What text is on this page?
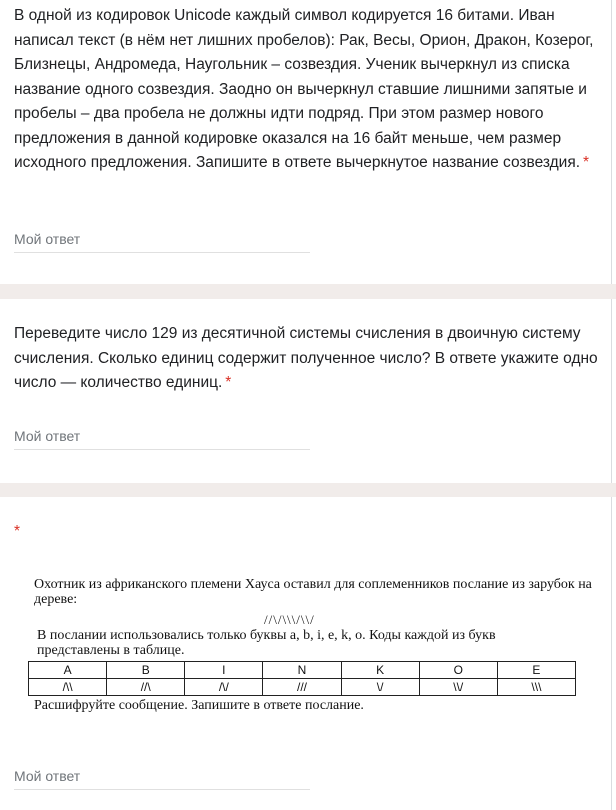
В одной из кодировок Unicode каждый символ кодируется 16 битами. Иван написал текст (в нём нет лишних пробелов): Рак, Весы, Орион, Дракон, Козерог, Близнецы, Андромеда, Наугольник – созвездия. Ученик вычеркнул из списка название одного созвездия. Заодно он вычеркнул ставшие лишними запятые и пробелы – два пробела не должны идти подряд. При этом размер нового предложения в данной кодировке оказался на 16 байт меньше, чем размер исходного предложения. Запишите в ответе вычеркнутое название созвездия. *
Мой ответ
Переведите число 129 из десятичной системы счисления в двоичную систему счисления. Сколько единиц содержит полученное число? В ответе укажите одно число — количество единиц. *
Мой ответ
*
Мой ответ

Охотник из африканского племени Хауса оставил для соплеменников послание из зарубок на дереве:

//\/\\\/\\/

В послании использовались только буквы a, b, i, e, k, o. Коды каждой из букв представлены в таблице.

A	B	I	N	K	O	E
/\\	//\	/\/	///	\/	\\/	\\\

Расшифруйте сообщение. Запишите в ответе послание.
